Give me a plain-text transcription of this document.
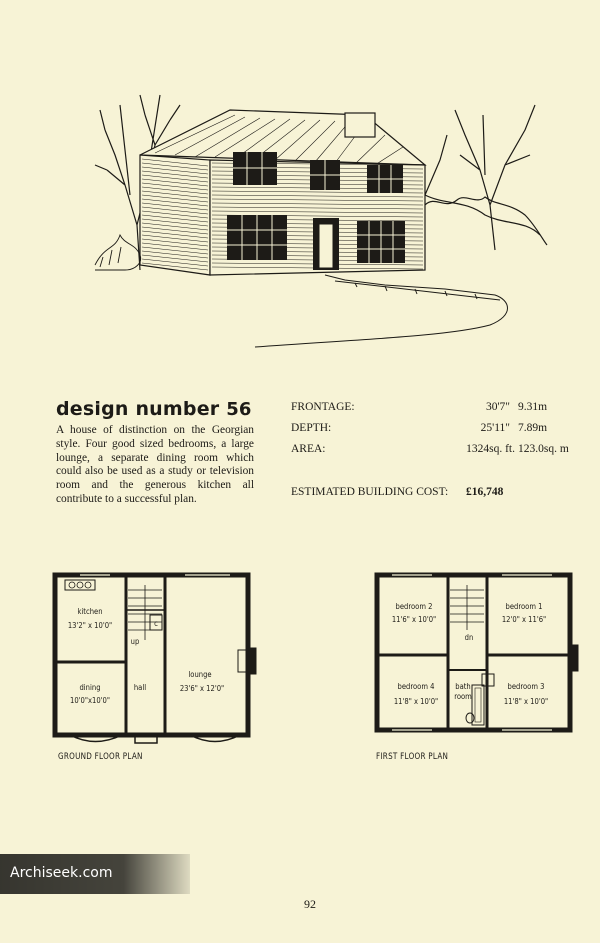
design number 56
A house of distinction on the Georgian style. Four good sized bedrooms, a large lounge, a separate dining room which could also be used as a study or television room and the generous kitchen all contribute to a successful plan.
FRONTAGE:	30'7" 9.31m
DEPTH:	25'11" 7.89m
AREA:	1324sq. ft. 123.0sq. m
ESTIMATED BUILDING COST: £16,748
kitchen
13'2" x 10'0"
dining
10'0"x10'0"
hall
up
c
lounge
23'6" x 12'0"
GROUND FLOOR PLAN
bedroom 2
11'6" x 10'0"
bedroom 1
12'0" x 11'6"
dn
bedroom 4
11'8" x 10'0"
bath
room
bedroom 3
11'8" x 10'0"
FIRST FLOOR PLAN
Archiseek.com
92
